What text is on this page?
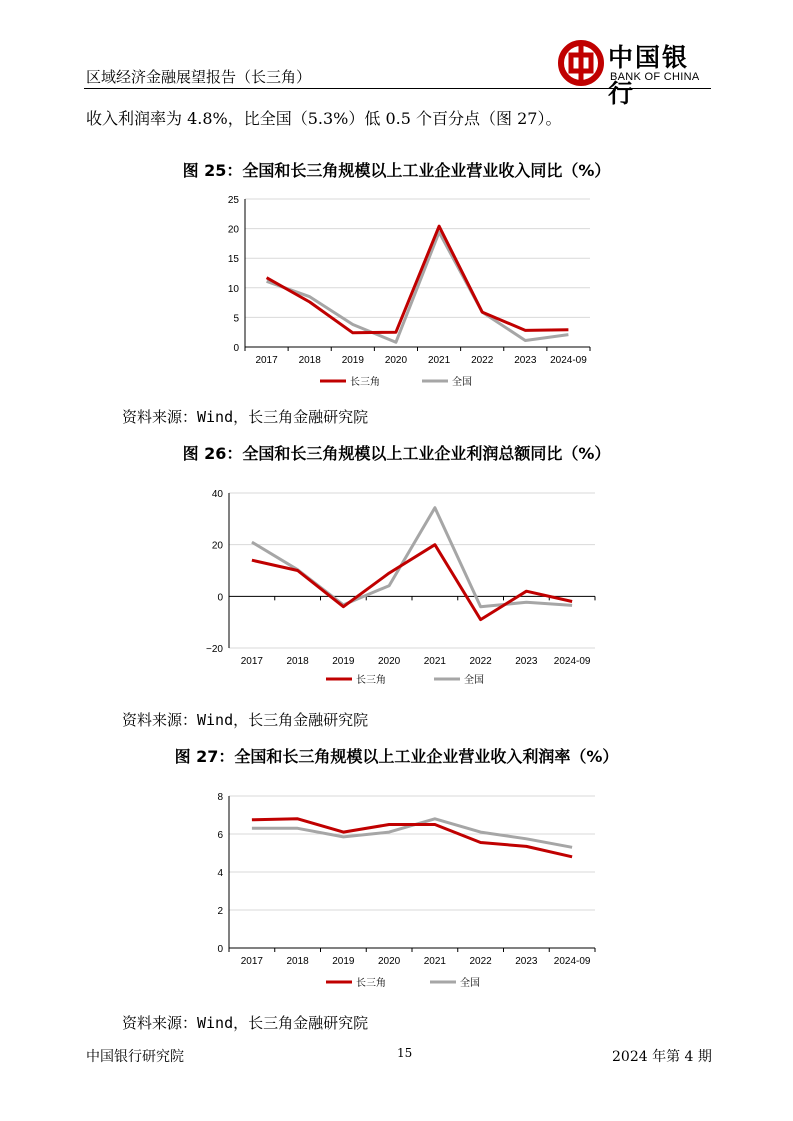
区域经济金融展望报告（长三角）
中国银行
BANK OF CHINA
收入利润率为 4.8%，比全国（5.3%）低 0.5 个百分点（图 27）。
图 25：全国和长三角规模以上工业企业营业收入同比（%）
0
5
10
15
20
25
2017 2018 2019 2020 2021 2022 2023 2024-09
长三角	全国
资料来源：Wind，长三角金融研究院
图 26：全国和长三角规模以上工业企业利润总额同比（%）
−20
0
20
40
2017 2018 2019 2020 2021 2022 2023 2024-09
长三角	全国
资料来源：Wind，长三角金融研究院
图 27：全国和长三角规模以上工业企业营业收入利润率（%）
0
2
4
6
8
2017 2018 2019 2020 2021 2022 2023 2024-09
长三角	全国
资料来源：Wind，长三角金融研究院
中国银行研究院	15	2024 年第 4 期
